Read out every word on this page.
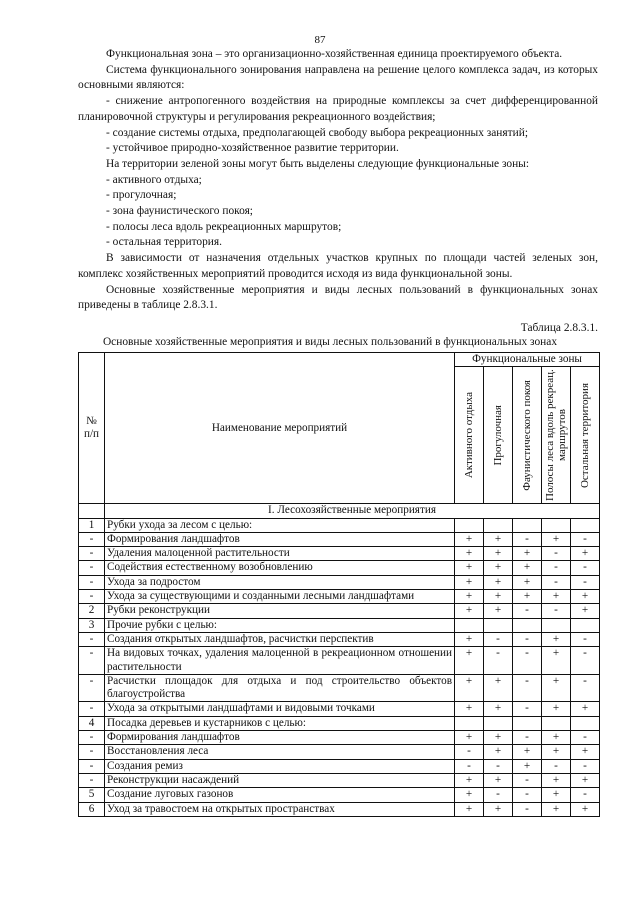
87

Функциональная зона – это организационно-хозяйственная единица проектируемого объекта.

Система функционального зонирования направлена на решение целого комплекса задач, из которых основными являются:

- снижение антропогенного воздействия на природные комплексы за счет дифференцированной планировочной структуры и регулирования рекреационного воздействия;

- создание системы отдыха, предполагающей свободу выбора рекреационных занятий;

- устойчивое природно-хозяйственное развитие территории.

На территории зеленой зоны могут быть выделены следующие функциональные зоны:

- активного отдыха;

- прогулочная;

- зона фаунистического покоя;

- полосы леса вдоль рекреационных маршрутов;

- остальная территория.

В зависимости от назначения отдельных участков крупных по площади частей зеленых зон, комплекс хозяйственных мероприятий проводится исходя из вида функциональной зоны.

Основные хозяйственные мероприятия и виды лесных пользований в функциональных зонах приведены в таблице 2.8.3.1.

Таблица 2.8.3.1.
Основные хозяйственные мероприятия и виды лесных пользований в функциональных зонах
№ п/п	Наименование мероприятий	Функциональные зоны				

		Активного отдыха	Прогулочная	Фаунистического покоя	Полосы леса вдоль рекреац. маршрутов	Остальная территория

	I. Лесохозяйственные мероприятия					
1	Рубки ухода за лесом с целью:					
-	Формирования ландшафтов	+	+	-	+	-
-	Удаления малоценной растительности	+	+	+	-	+
-	Содействия естественному возобновлению	+	+	+	-	-
-	Ухода за подростом	+	+	+	-	-
-	Ухода за существующими и созданными лесными ландшафтами	+	+	+	+	+
2	Рубки реконструкции	+	+	-	-	+
3	Прочие рубки с целью:					
-	Создания открытых ландшафтов, расчистки перспектив	+	-	-	+	-
-	На видовых точках, удаления малоценной в рекреационном отношении растительности	+	-	-	+	-
-	Расчистки площадок для отдыха и под строительство объектов благоустройства	+	+	-	+	-
-	Ухода за открытыми ландшафтами и видовыми точками	+	+	-	+	+
4	Посадка деревьев и кустарников с целью:					
-	Формирования ландшафтов	+	+	-	+	-
-	Восстановления леса	-	+	+	+	+
-	Создания ремиз	-	-	+	-	-
-	Реконструкции насаждений	+	+	-	+	+
5	Создание луговых газонов	+	-	-	+	-
6	Уход за травостоем на открытых пространствах	+	+	-	+	+
